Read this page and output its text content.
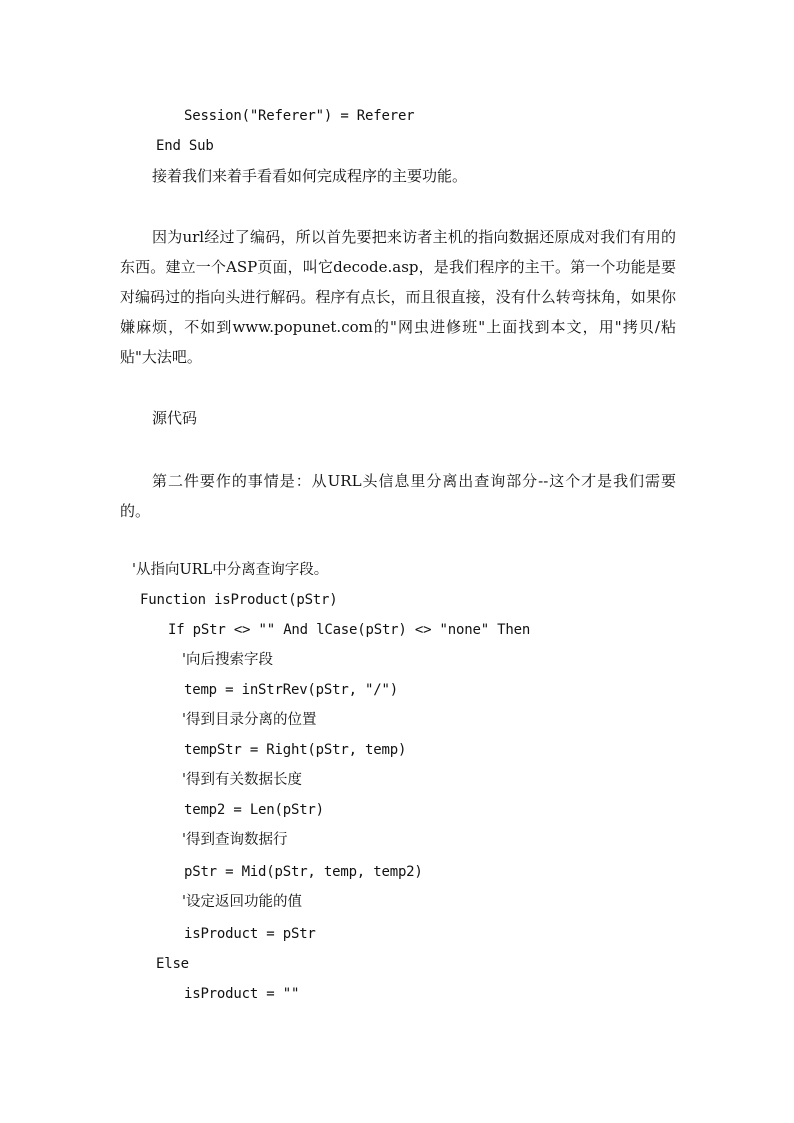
Session("Referer") = Referer
End Sub
接着我们来着手看看如何完成程序的主要功能。
因为url经过了编码，所以首先要把来访者主机的指向数据还原成对我们有用的东西。建立一个ASP页面，叫它decode.asp，是我们程序的主干。第一个功能是要对编码过的指向头进行解码。程序有点长，而且很直接，没有什么转弯抹角，如果你嫌麻烦，不如到www.popunet.com的"网虫进修班"上面找到本文，用"拷贝/粘贴"大法吧。
源代码
第二件要作的事情是：从URL头信息里分离出查询部分--这个才是我们需要的。
'从指向URL中分离查询字段。
Function isProduct(pStr)
If pStr <> "" And lCase(pStr) <> "none" Then
'向后搜索字段
temp = inStrRev(pStr, "/")
'得到目录分离的位置
tempStr = Right(pStr, temp)
'得到有关数据长度
temp2 = Len(pStr)
'得到查询数据行
pStr = Mid(pStr, temp, temp2)
'设定返回功能的值
isProduct = pStr
Else
isProduct = ""
